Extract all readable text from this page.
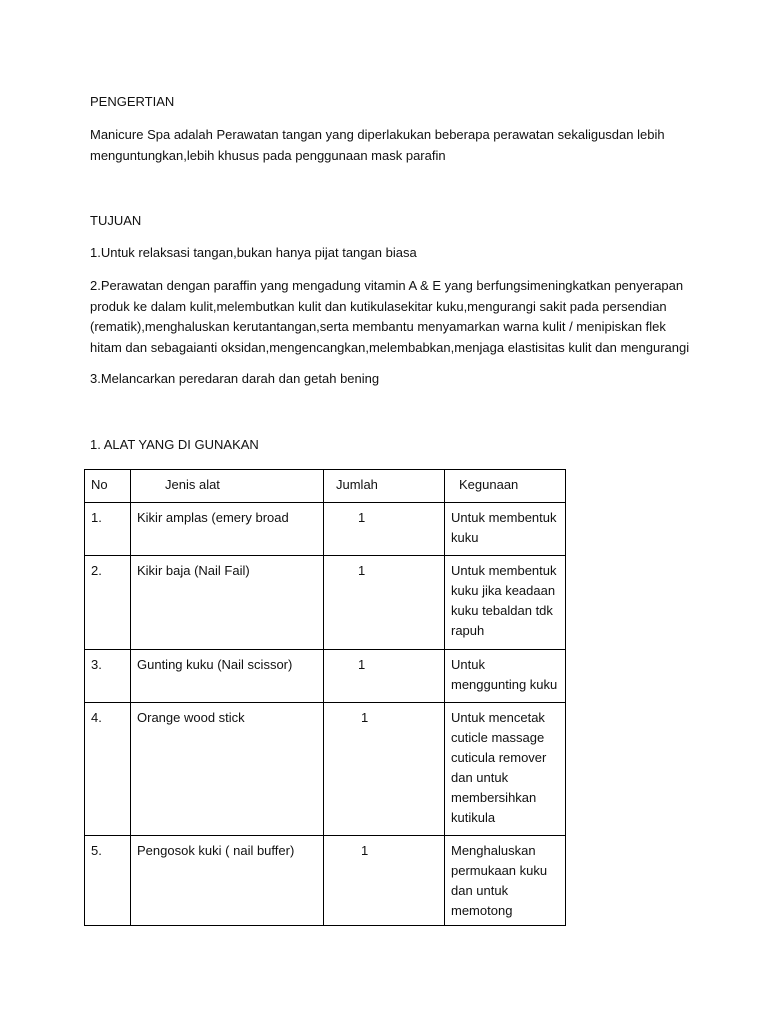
PENGERTIAN
Manicure Spa adalah Perawatan tangan yang diperlakukan beberapa perawatan sekaligusdan lebih
menguntungkan,lebih khusus pada penggunaan mask parafin
TUJUAN
1.Untuk relaksasi tangan,bukan hanya pijat tangan biasa
2.Perawatan dengan paraffin yang mengadung vitamin A & E yang berfungsimeningkatkan penyerapan
produk ke dalam kulit,melembutkan kulit dan kutikulasekitar kuku,mengurangi sakit pada persendian
(rematik),menghaluskan kerutantangan,serta membantu menyamarkan warna kulit / menipiskan flek
hitam dan sebagaianti oksidan,mengencangkan,melembabkan,menjaga elastisitas kulit dan mengurangi
3.Melancarkan peredaran darah dan getah bening
1. ALAT YANG DI GUNAKAN
No	Jenis alat	Jumlah	Kegunaan
1.	Kikir amplas (emery broad	1	Untuk membentuk kuku
2.	Kikir baja (Nail Fail)	1	Untuk membentuk kuku jika keadaan kuku tebaldan tdk rapuh
3.	Gunting kuku (Nail scissor)	1	Untuk menggunting kuku
4.	Orange wood stick	1	Untuk mencetak cuticle massage cuticula remover dan untuk membersihkan kutikula
5.	Pengosok kuki ( nail buffer)	1	Menghaluskan permukaan kuku dan untuk memotong
